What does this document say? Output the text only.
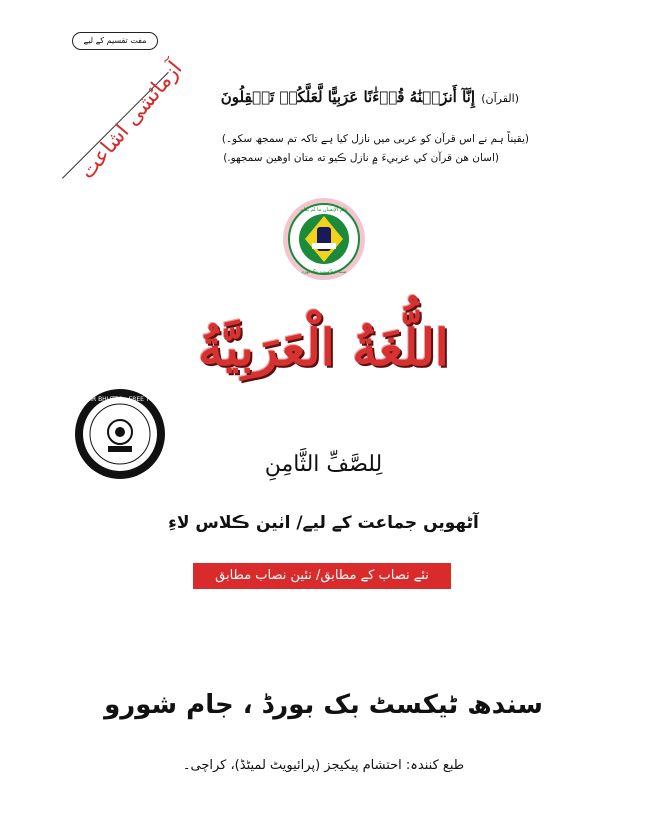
مفت تقسیم کے لیے
آزمائشی اشاعت إِنَّآ أَنزَلۡنَٰهُ قُرۡءَٰنًا عَرَبِيًّا لَّعَلَّكُمۡ تَعۡقِلُونَ (القرآن)
(یقیناً ہم نے اس قرآن کو عربی میں نازل کیا ہے تاکہ تم سمجھ سکو۔)
(اسان هن قرآن کي عربيءَ ۾ نازل ڪيو ته متان اوهين سمجهو.)
علم الإنسان ما لم يعلم
سنڌ ٽيڪسٽ بڪ بورڊ
اللُّغَةُ الْعَرَبِيَّةُ
SHAHEED BENAZIR BHUTTO · FREE TEXTBOOK SERIES
لِلصَّفِّ الثَّامِنِ
آٹھویں جماعت کے لیے/ اٺين ڪلاس لاءِ
نئے نصاب کے مطابق/ نئين نصاب مطابق
سندھ ٹیکسٹ بک بورڈ ، جام شورو
طبع کنندہ: احتشام پیکیجز (پرائیویٹ لمیٹڈ)، کراچی۔
